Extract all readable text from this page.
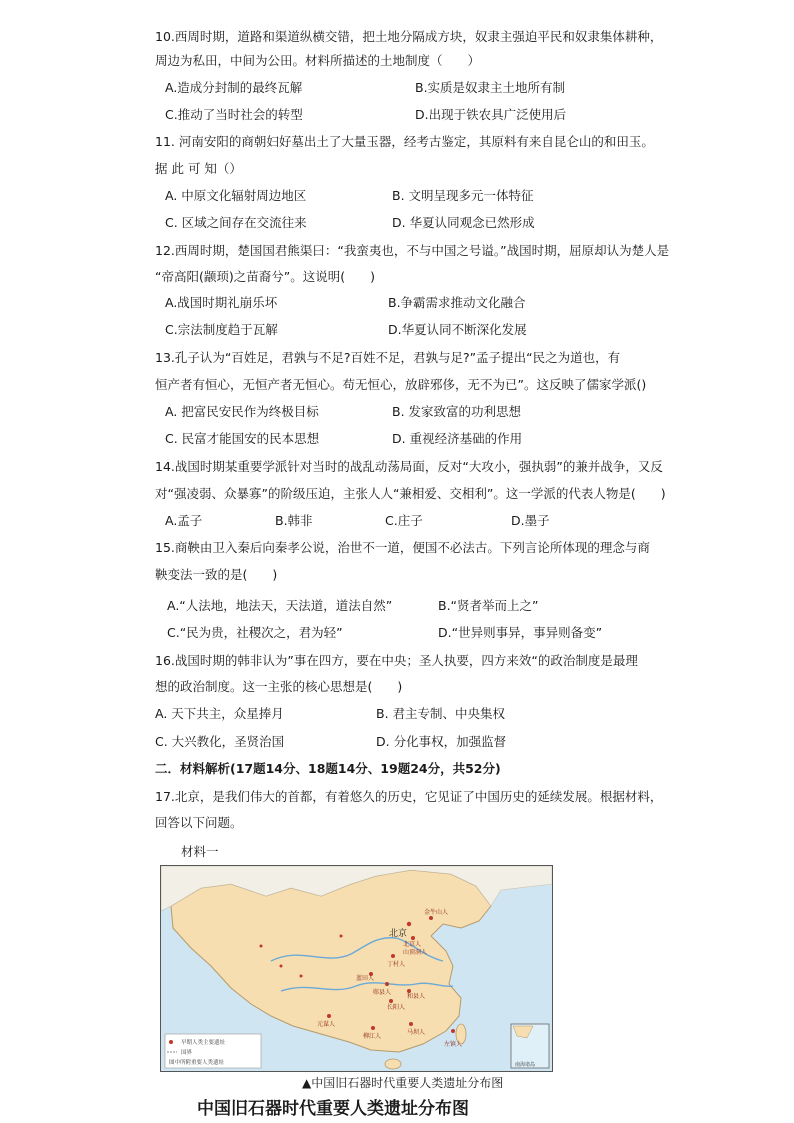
10.西周时期，道路和渠道纵横交错，把土地分隔成方块，奴隶主强迫平民和奴隶集体耕种，
周边为私田，中间为公田。材料所描述的土地制度（　　）
A.造成分封制的最终瓦解	B.实质是奴隶主土地所有制
C.推动了当时社会的转型	D.出现于铁农具广泛使用后
11. 河南安阳的商朝妇好墓出土了大量玉器，经考古鉴定，其原料有来自昆仑山的和田玉。
据 此 可 知（）
A. 中原文化辐射周边地区	B. 文明呈现多元一体特征
C. 区域之间存在交流往来	D. 华夏认同观念已然形成
12.西周时期，楚国国君熊渠曰：“我蛮夷也，不与中国之号谥。”战国时期，屈原却认为楚人是
“帝高阳(颛顼)之苗裔兮”。这说明(　　)
A.战国时期礼崩乐坏	B.争霸需求推动文化融合
C.宗法制度趋于瓦解	D.华夏认同不断深化发展
13.孔子认为“百姓足，君孰与不足?百姓不足，君孰与足?”孟子提出“民之为道也，有
恒产者有恒心，无恒产者无恒心。苟无恒心，放辟邪侈，无不为已”。这反映了儒家学派()
A. 把富民安民作为终极目标	B. 发家致富的功利思想
C. 民富才能国安的民本思想	D. 重视经济基础的作用
14.战国时期某重要学派针对当时的战乱动荡局面，反对“大攻小，强执弱”的兼并战争，又反
对“强凌弱、众暴寡”的阶级压迫，主张人人“兼相爱、交相利”。这一学派的代表人物是(　　)
A.孟子	B.韩非	C.庄子	D.墨子
15.商鞅由卫入秦后向秦孝公说，治世不一道，便国不必法古。下列言论所体现的理念与商
鞅变法一致的是(　　)
A.“人法地，地法天，天法道，道法自然”	B.“贤者举而上之”
C.“民为贵，社稷次之，君为轻”	D.“世异则事异，事异则备变”
16.战国时期的韩非认为”事在四方，要在中央；圣人执要，四方来效“的政治制度是最理
想的政治制度。这一主张的核心思想是(　　)
A. 天下共主，众星捧月	B. 君主专制、中央集权
C. 大兴教化，圣贤治国	D. 分化事权，加强监督
二．材料解析(17题14分、18题14分、19题24分，共52分)
17.北京，是我们伟大的首都，有着悠久的历史，它见证了中国历史的延续发展。根据材料，
回答以下问题。
材料一
北京
金牛山人
北京人
山顶洞人
丁村人
蓝田人
郧县人
和县人
长阳人
元谋人
马坝人
柳江人
左镇人
早期人类主要遗址
国界
图中所附重要人类遗址	南海诸岛
▲中国旧石器时代重要人类遗址分布图
中国旧石器时代重要人类遗址分布图
